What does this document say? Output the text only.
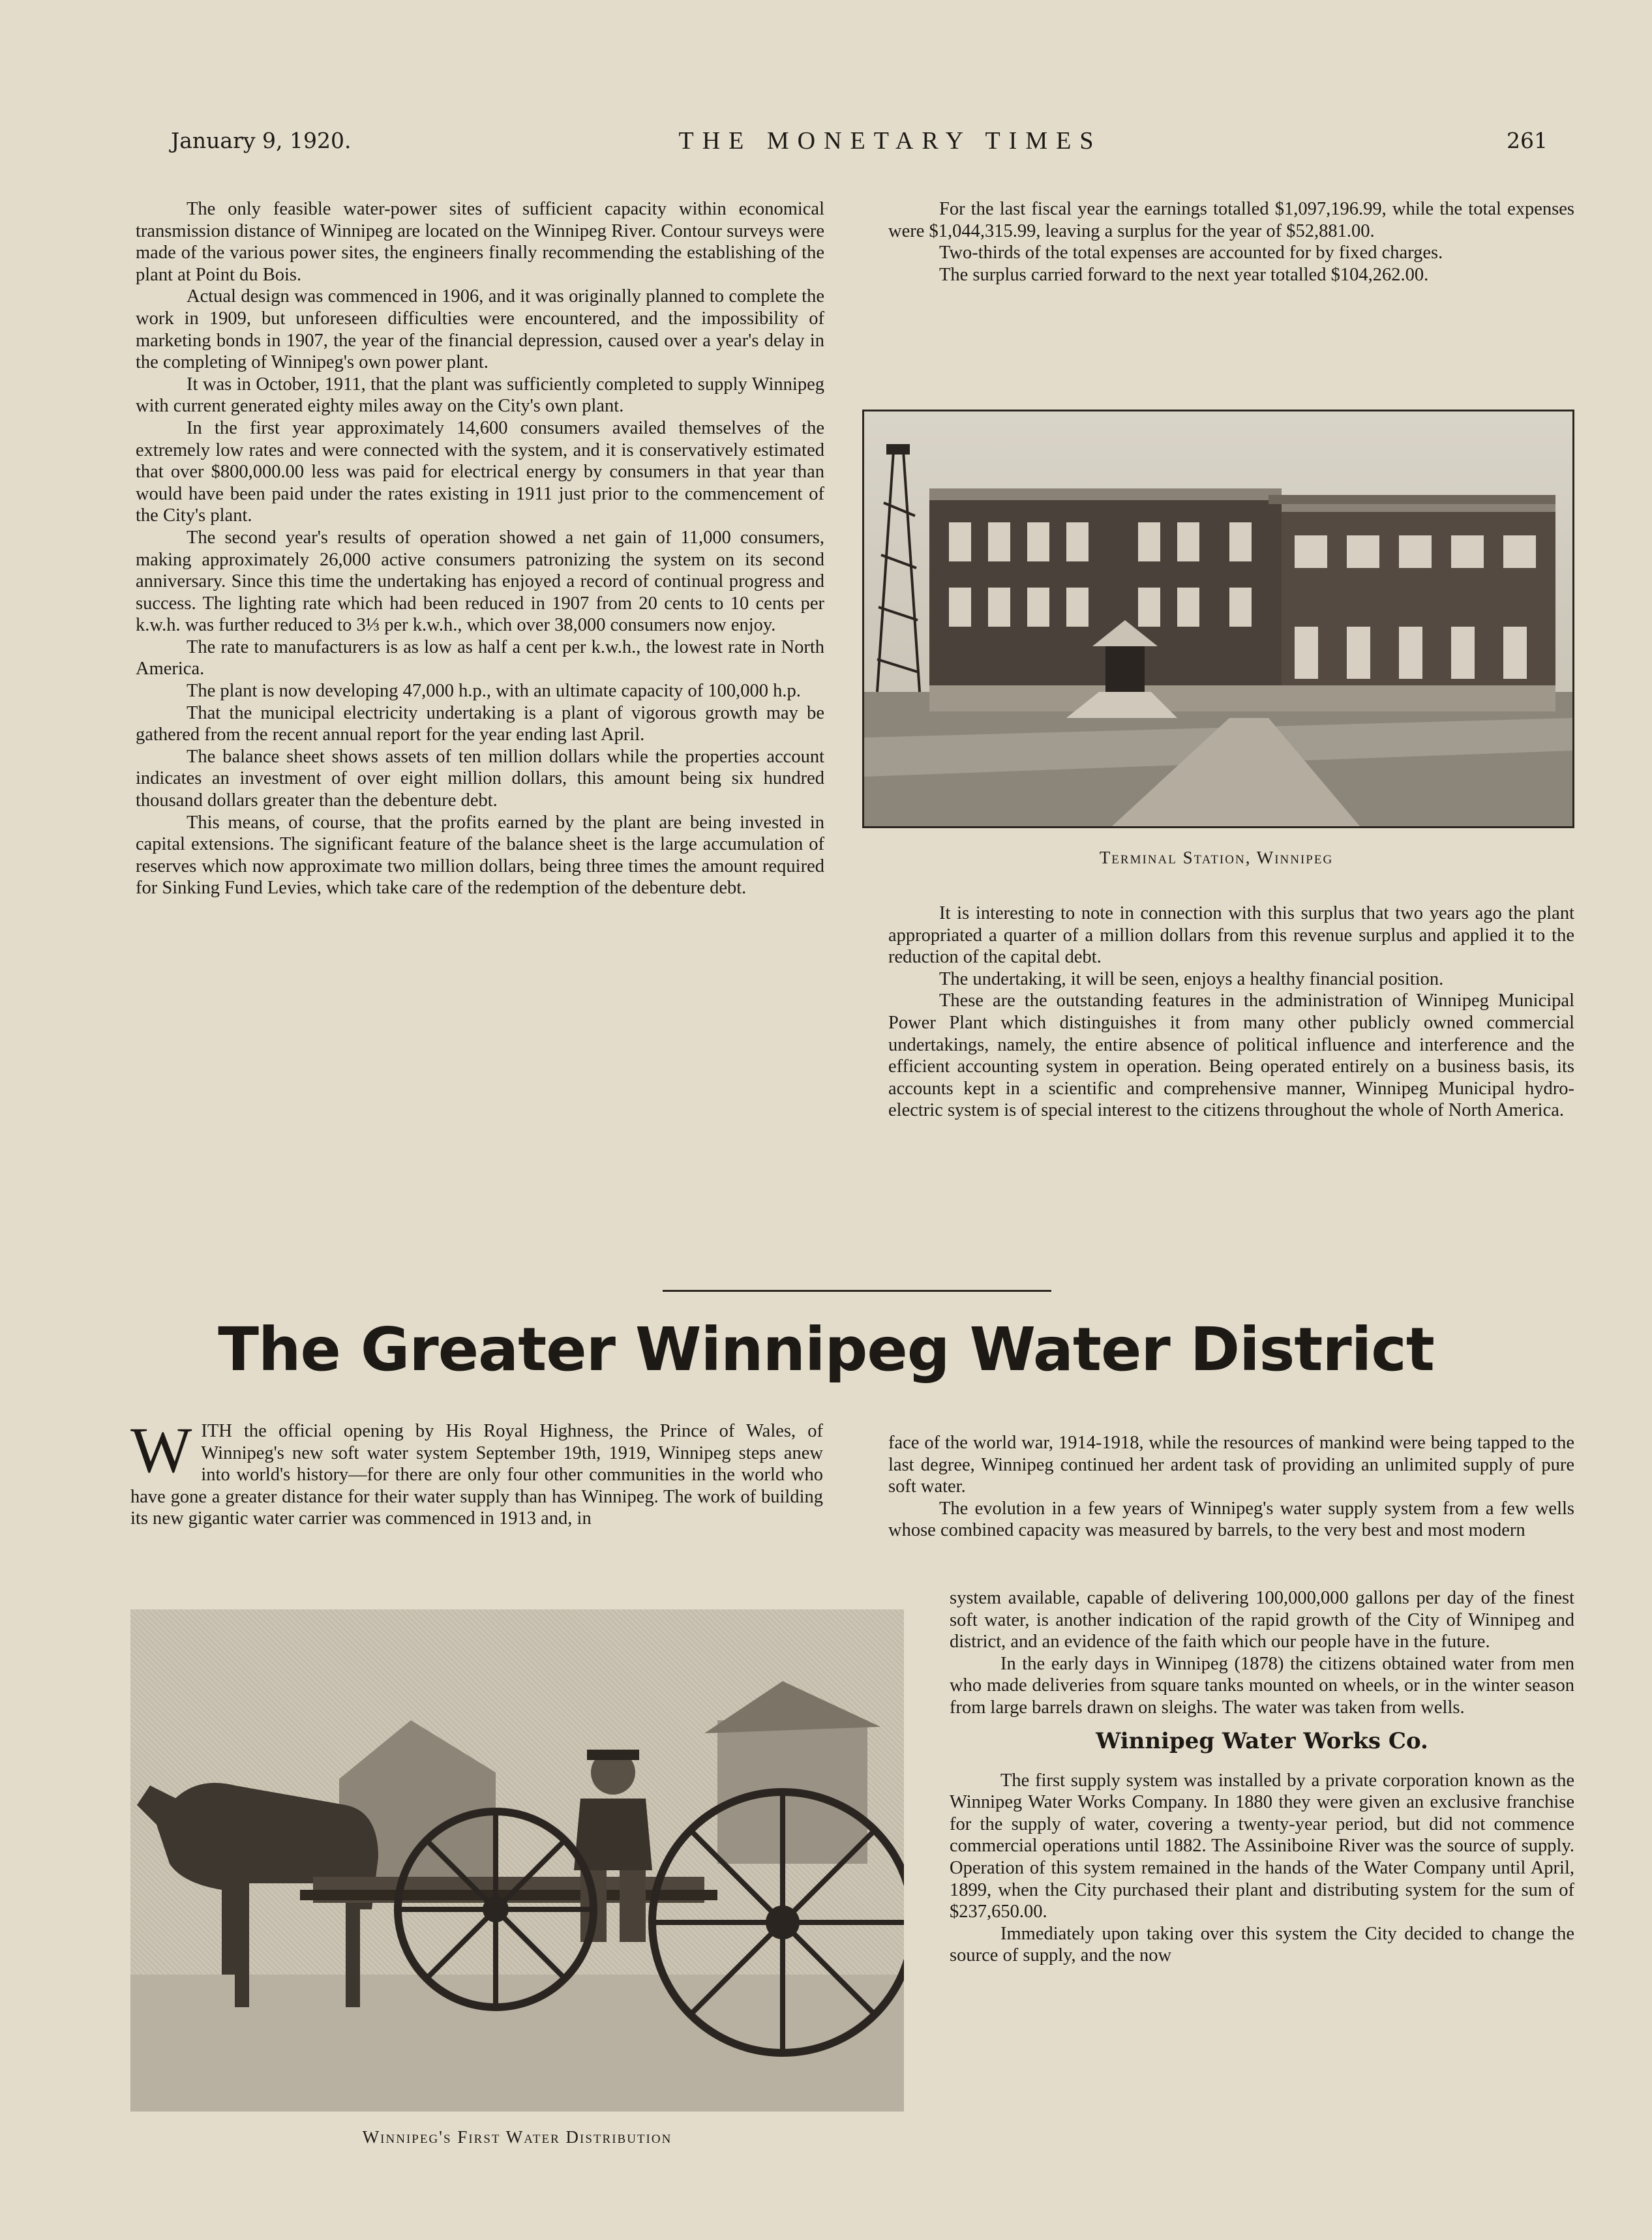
January 9, 1920.	THE MONETARY TIMES	261

The only feasible water-power sites of sufficient capacity within economical transmission distance of Winnipeg are located on the Winnipeg River. Contour surveys were made of the various power sites, the engineers finally recommending the establishing of the plant at Point du Bois.

Actual design was commenced in 1906, and it was originally planned to complete the work in 1909, but unforeseen difficulties were encountered, and the impossibility of marketing bonds in 1907, the year of the financial depression, caused over a year's delay in the completing of Winnipeg's own power plant.

It was in October, 1911, that the plant was sufficiently completed to supply Winnipeg with current generated eighty miles away on the City's own plant.

In the first year approximately 14,600 consumers availed themselves of the extremely low rates and were connected with the system, and it is conservatively estimated that over $800,000.00 less was paid for electrical energy by consumers in that year than would have been paid under the rates existing in 1911 just prior to the commencement of the City's plant.

The second year's results of operation showed a net gain of 11,000 consumers, making approximately 26,000 active consumers patronizing the system on its second anniversary. Since this time the undertaking has enjoyed a record of continual progress and success. The lighting rate which had been reduced in 1907 from 20 cents to 10 cents per k.w.h. was further reduced to 3⅓ per k.w.h., which over 38,000 consumers now enjoy.

The rate to manufacturers is as low as half a cent per k.w.h., the lowest rate in North America.

The plant is now developing 47,000 h.p., with an ultimate capacity of 100,000 h.p.

That the municipal electricity undertaking is a plant of vigorous growth may be gathered from the recent annual report for the year ending last April.

The balance sheet shows assets of ten million dollars while the properties account indicates an investment of over eight million dollars, this amount being six hundred thousand dollars greater than the debenture debt.

This means, of course, that the profits earned by the plant are being invested in capital extensions. The significant feature of the balance sheet is the large accumulation of reserves which now approximate two million dollars, being three times the amount required for Sinking Fund Levies, which take care of the redemption of the debenture debt.

For the last fiscal year the earnings totalled $1,097,196.99, while the total expenses were $1,044,315.99, leaving a surplus for the year of $52,881.00.

Two-thirds of the total expenses are accounted for by fixed charges.

The surplus carried forward to the next year totalled $104,262.00.

Terminal Station, Winnipeg

It is interesting to note in connection with this surplus that two years ago the plant appropriated a quarter of a million dollars from this revenue surplus and applied it to the reduction of the capital debt.

The undertaking, it will be seen, enjoys a healthy financial position.

These are the outstanding features in the administration of Winnipeg Municipal Power Plant which distinguishes it from many other publicly owned commercial undertakings, namely, the entire absence of political influence and interference and the efficient accounting system in operation. Being operated entirely on a business basis, its accounts kept in a scientific and comprehensive manner, Winnipeg Municipal hydro-electric system is of special interest to the citizens throughout the whole of North America.

The Greater Winnipeg Water District

WITH the official opening by His Royal Highness, the Prince of Wales, of Winnipeg's new soft water system September 19th, 1919, Winnipeg steps anew into world's history—for there are only four other communities in the world who have gone a greater distance for their water supply than has Winnipeg. The work of building its new gigantic water carrier was commenced in 1913 and, in

Winnipeg's First Water Distribution

face of the world war, 1914-1918, while the resources of mankind were being tapped to the last degree, Winnipeg continued her ardent task of providing an unlimited supply of pure soft water.

The evolution in a few years of Winnipeg's water supply system from a few wells whose combined capacity was measured by barrels, to the very best and most modern

system available, capable of delivering 100,000,000 gallons per day of the finest soft water, is another indication of the rapid growth of the City of Winnipeg and district, and an evidence of the faith which our people have in the future.

In the early days in Winnipeg (1878) the citizens obtained water from men who made deliveries from square tanks mounted on wheels, or in the winter season from large barrels drawn on sleighs. The water was taken from wells.

Winnipeg Water Works Co.

The first supply system was installed by a private corporation known as the Winnipeg Water Works Company. In 1880 they were given an exclusive franchise for the supply of water, covering a twenty-year period, but did not commence commercial operations until 1882. The Assiniboine River was the source of supply. Operation of this system remained in the hands of the Water Company until April, 1899, when the City purchased their plant and distributing system for the sum of $237,650.00.

Immediately upon taking over this system the City decided to change the source of supply, and the now
